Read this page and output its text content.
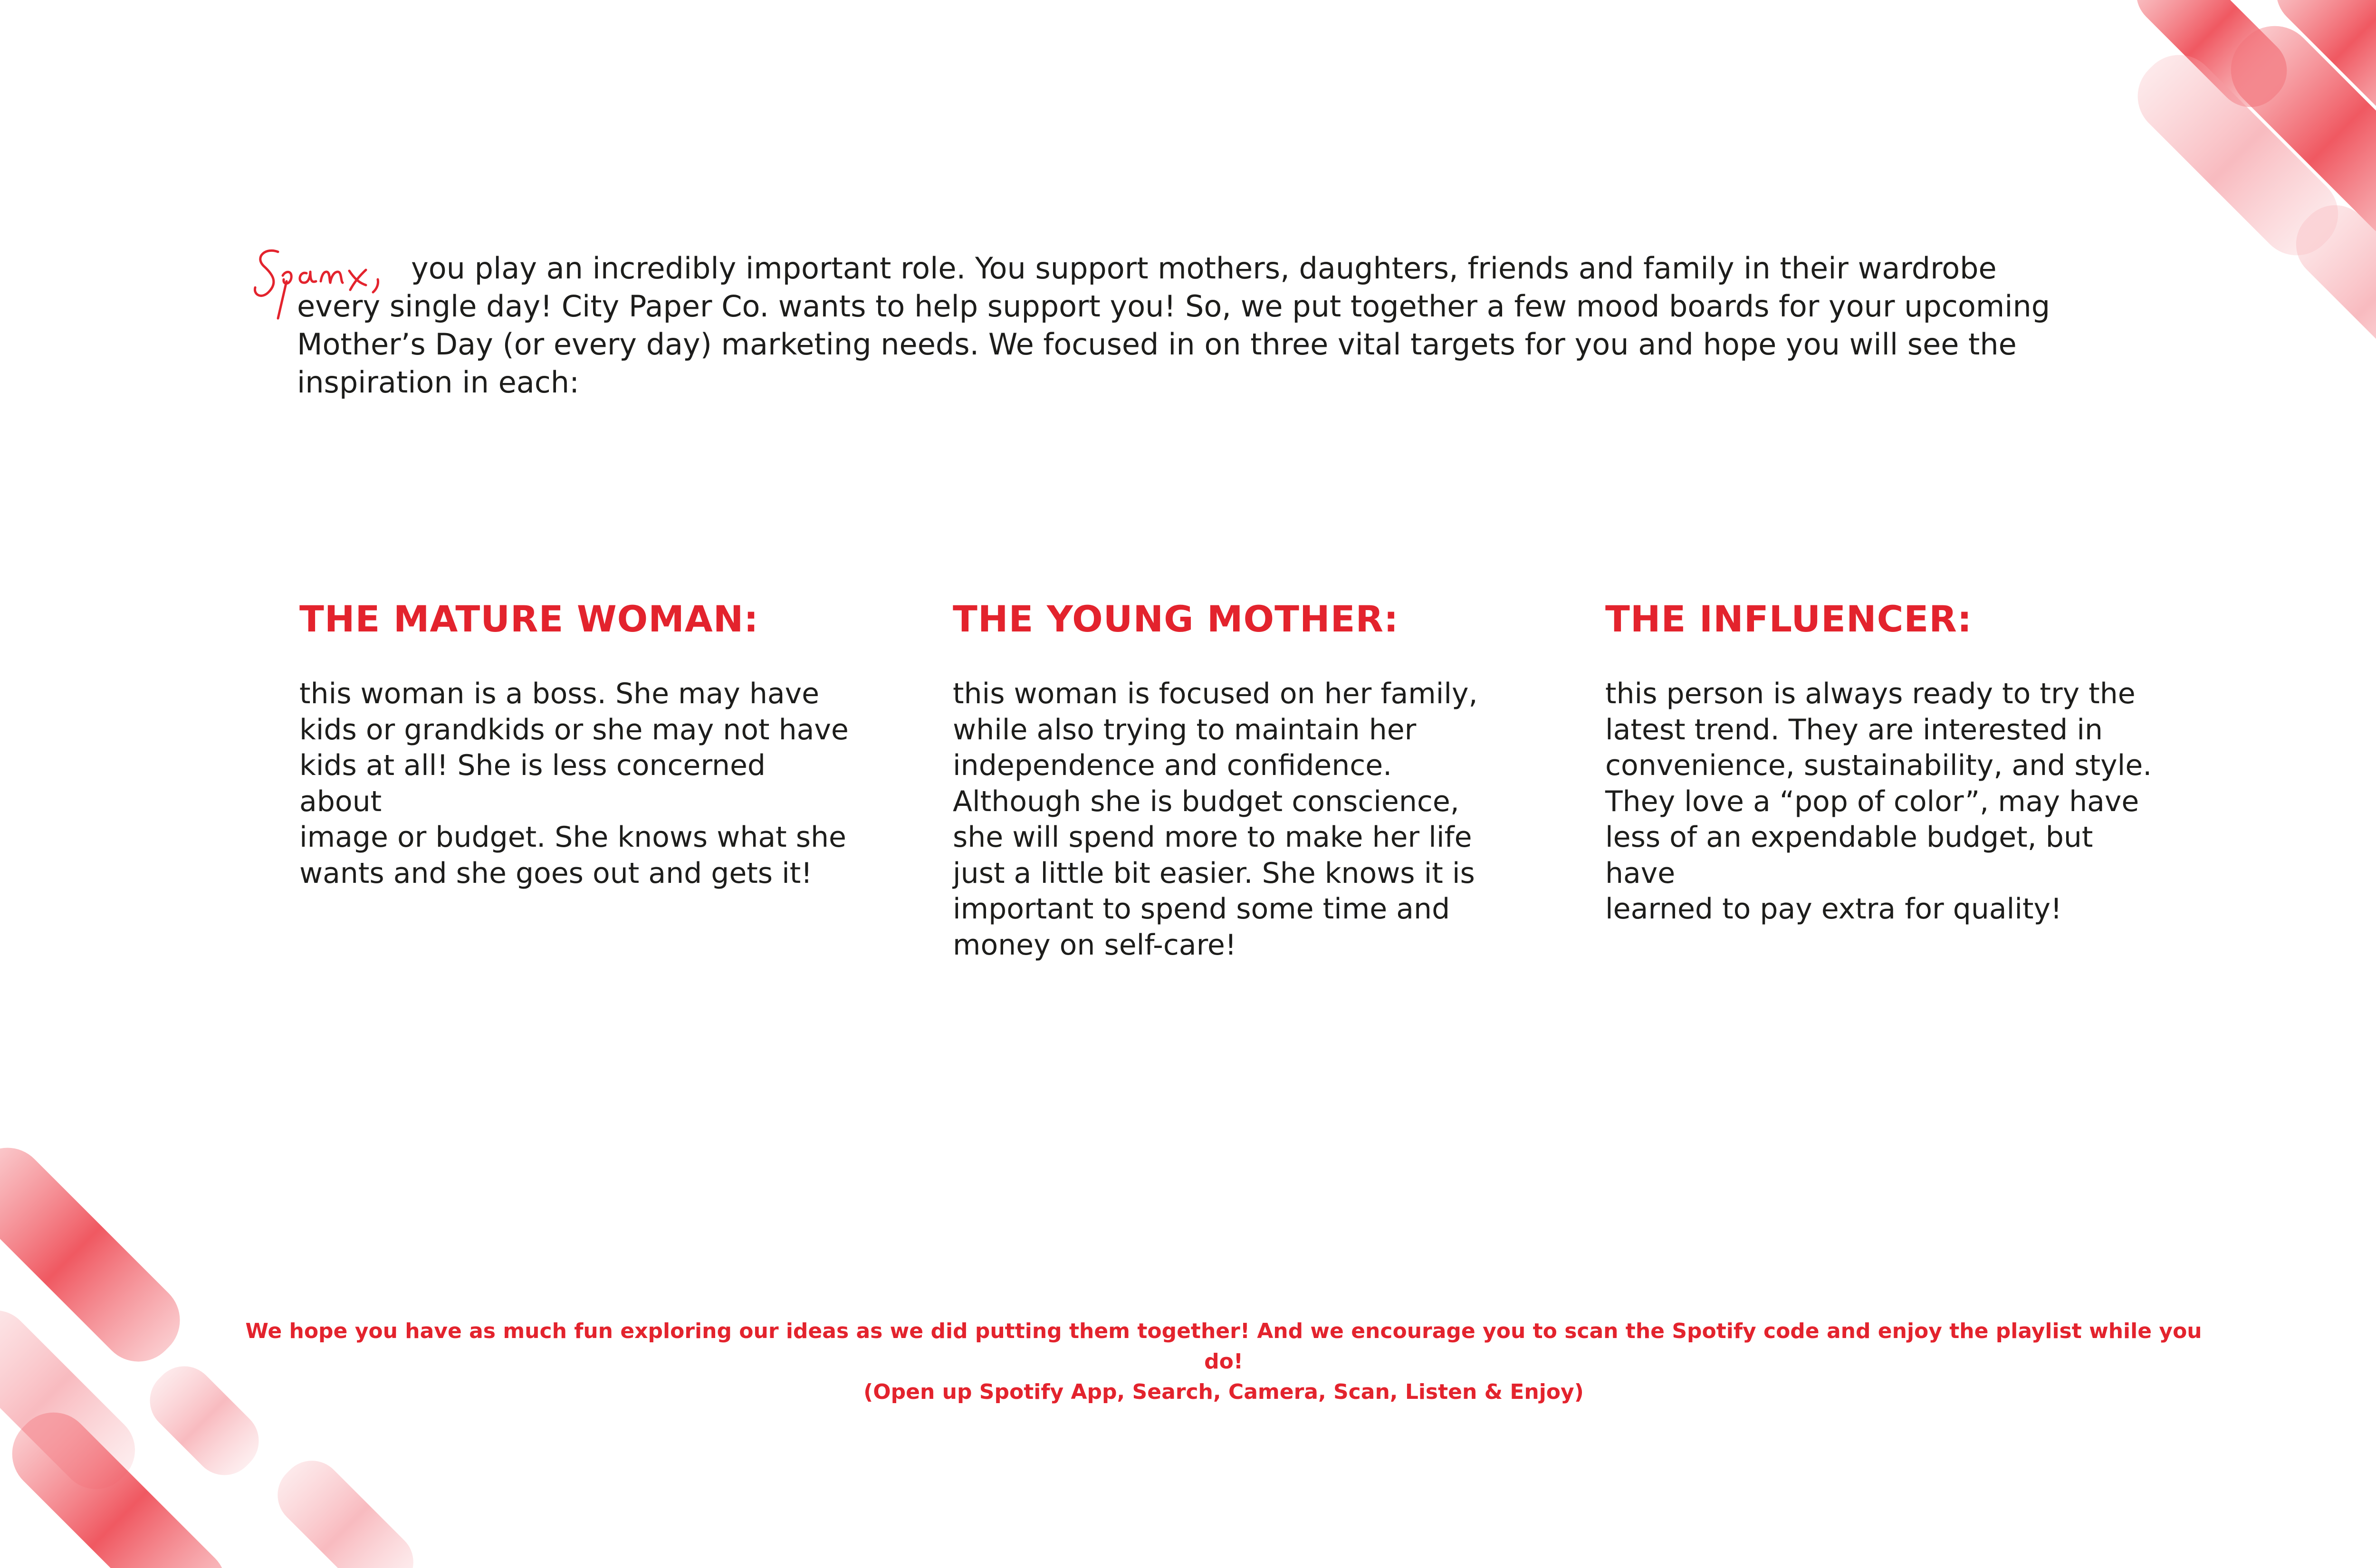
you play an incredibly important role. You support mothers, daughters, friends and family in their wardrobe every single day! City Paper Co. wants to help support you! So, we put together a few mood boards for your upcoming Mother’s Day (or every day) marketing needs. We focused in on three vital targets for you and hope you will see the inspiration in each:
THE MATURE WOMAN:

this woman is a boss. She may have
kids or grandkids or she may not have
kids at all! She is less concerned about
image or budget. She knows what she
wants and she goes out and gets it!

THE YOUNG MOTHER:

this woman is focused on her family,
while also trying to maintain her
independence and confidence.
Although she is budget conscience,
she will spend more to make her life
just a little bit easier. She knows it is
important to spend some time and
money on self-care!

THE INFLUENCER:

this person is always ready to try the
latest trend. They are interested in
convenience, sustainability, and style.
They love a “pop of color”, may have
less of an expendable budget, but have
learned to pay extra for quality!

We hope you have as much fun exploring our ideas as we did putting them together! And we encourage you to scan the Spotify code and enjoy the playlist while you do!
(Open up Spotify App, Search, Camera, Scan, Listen & Enjoy)
